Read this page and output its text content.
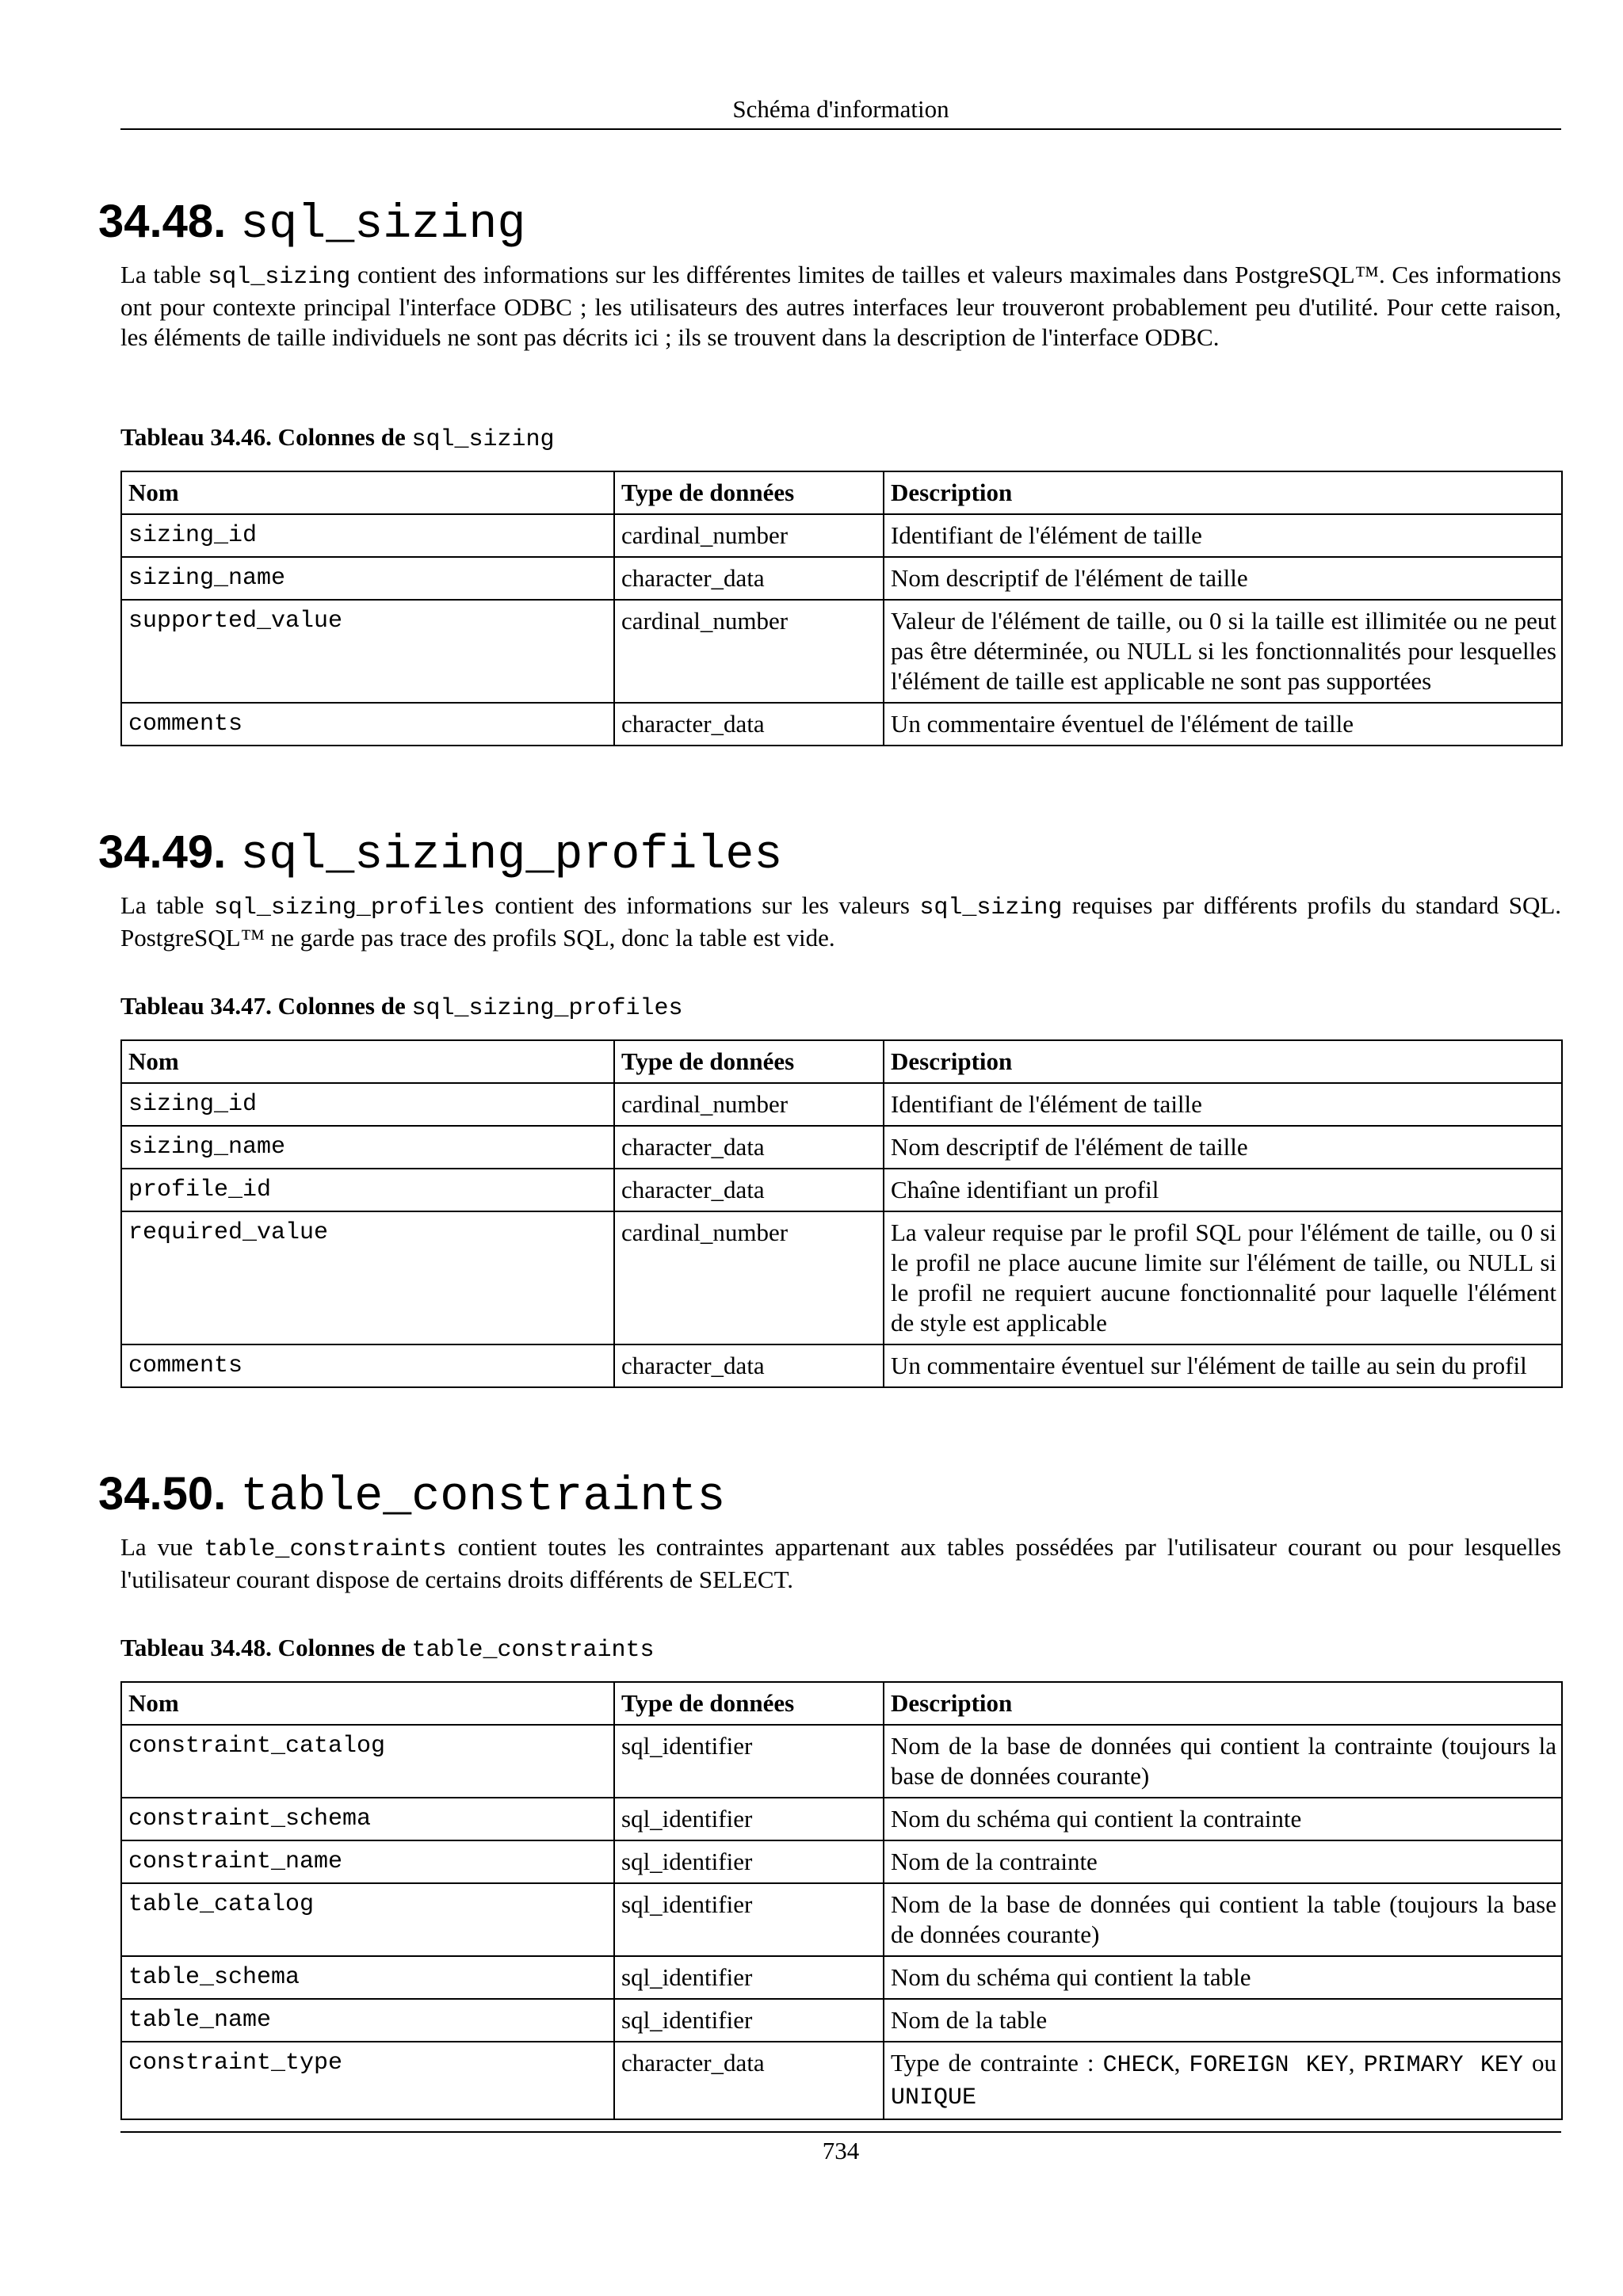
Schéma d'information
34.48. sql_sizing

La table sql_sizing contient des informations sur les différentes limites de tailles et valeurs maximales dans PostgreSQL™. Ces informations ont pour contexte principal l'interface ODBC ; les utilisateurs des autres interfaces leur trouveront probablement peu d'utilité. Pour cette raison, les éléments de taille individuels ne sont pas décrits ici ; ils se trouvent dans la description de l'interface ODBC.

Tableau 34.46. Colonnes de sql_sizing

Nom	Type de données	Description
sizing_id	cardinal_number	Identifiant de l'élément de taille
sizing_name	character_data	Nom descriptif de l'élément de taille
supported_value	cardinal_number	Valeur de l'élément de taille, ou 0 si la taille est illimitée ou ne peut pas être déterminée, ou NULL si les fonctionnalités pour lesquelles l'élément de taille est applicable ne sont pas supportées
comments	character_data	Un commentaire éventuel de l'élément de taille
34.49. sql_sizing_profiles

La table sql_sizing_profiles contient des informations sur les valeurs sql_sizing requises par différents profils du standard SQL. PostgreSQL™ ne garde pas trace des profils SQL, donc la table est vide.

Tableau 34.47. Colonnes de sql_sizing_profiles

Nom	Type de données	Description
sizing_id	cardinal_number	Identifiant de l'élément de taille
sizing_name	character_data	Nom descriptif de l'élément de taille
profile_id	character_data	Chaîne identifiant un profil
required_value	cardinal_number	La valeur requise par le profil SQL pour l'élément de taille, ou 0 si le profil ne place aucune limite sur l'élément de taille, ou NULL si le profil ne requiert aucune fonctionnalité pour laquelle l'élément de style est applicable
comments	character_data	Un commentaire éventuel sur l'élément de taille au sein du profil
34.50. table_constraints

La vue table_constraints contient toutes les contraintes appartenant aux tables possédées par l'utilisateur courant ou pour lesquelles l'utilisateur courant dispose de certains droits différents de SELECT.

Tableau 34.48. Colonnes de table_constraints

Nom	Type de données	Description
constraint_catalog	sql_identifier	Nom de la base de données qui contient la contrainte (toujours la base de données courante)
constraint_schema	sql_identifier	Nom du schéma qui contient la contrainte
constraint_name	sql_identifier	Nom de la contrainte
table_catalog	sql_identifier	Nom de la base de données qui contient la table (toujours la base de données courante)
table_schema	sql_identifier	Nom du schéma qui contient la table
table_name	sql_identifier	Nom de la table
constraint_type	character_data	Type de contrainte : CHECK, FOREIGN KEY, PRIMARY KEY ou UNIQUE
734
